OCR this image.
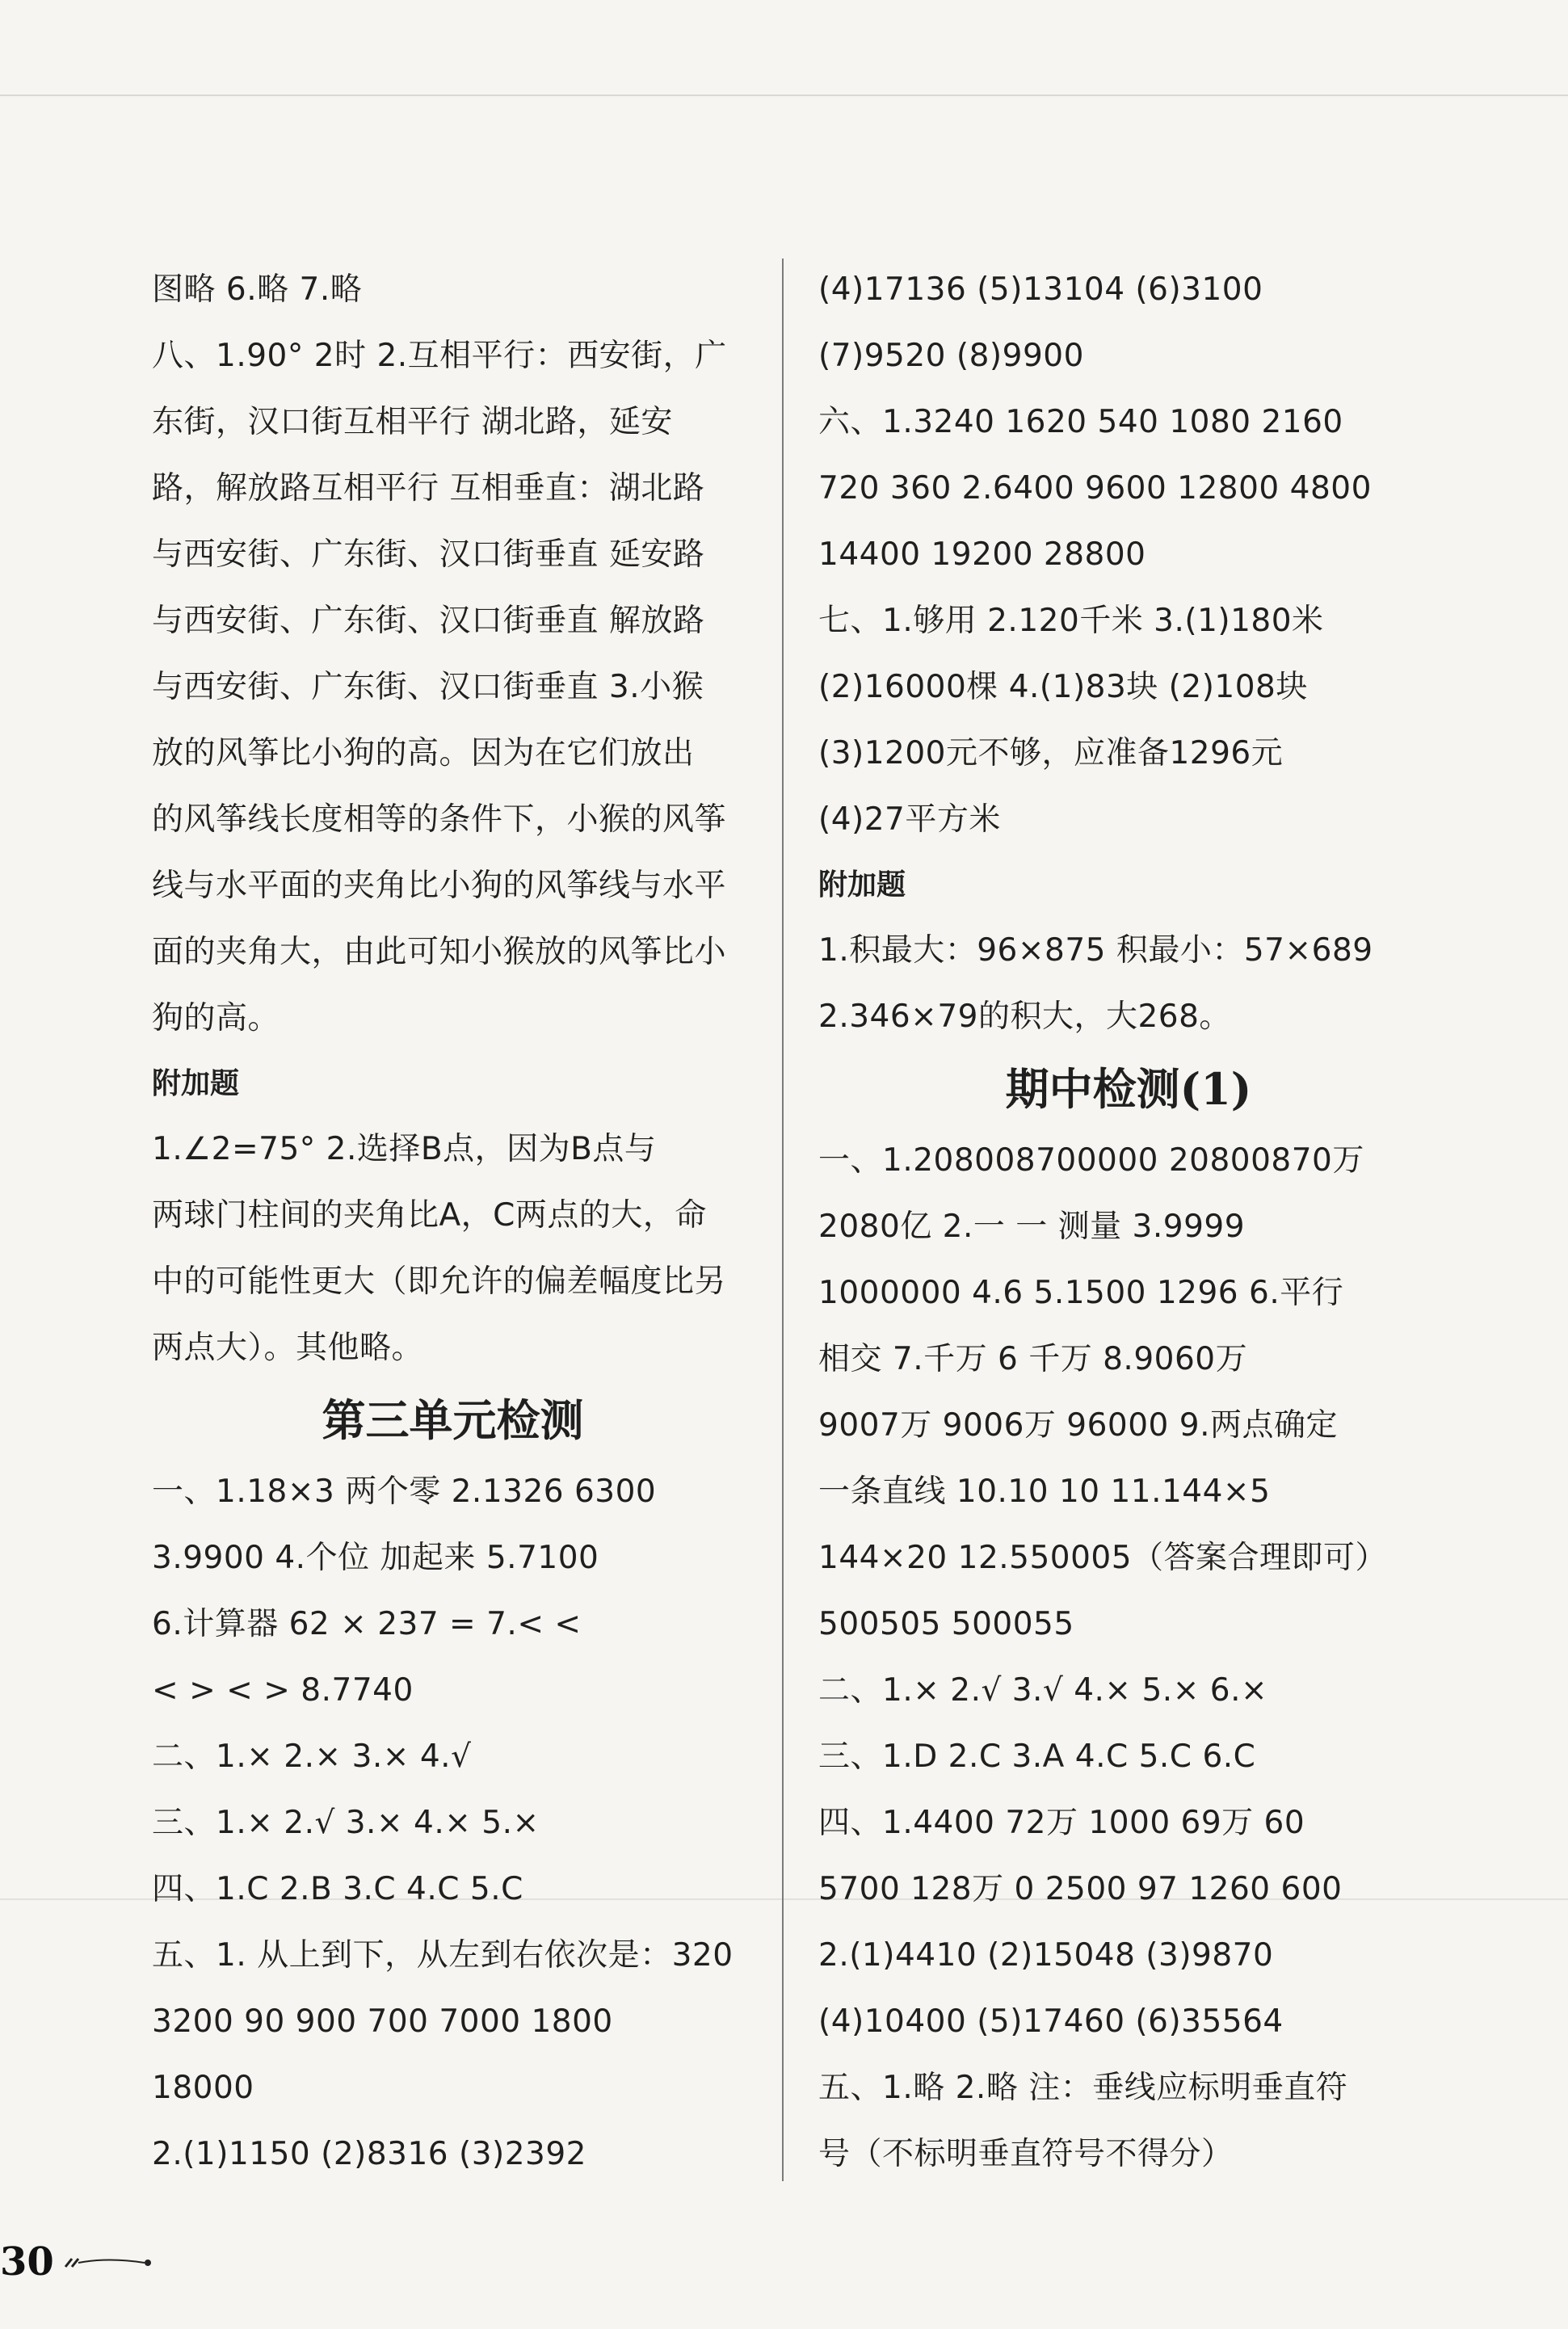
图略 6.略 7.略
八、1.90° 2时 2.互相平行：西安街，广
东街，汉口街互相平行 湖北路，延安
路，解放路互相平行 互相垂直：湖北路
与西安街、广东街、汉口街垂直 延安路
与西安街、广东街、汉口街垂直 解放路
与西安街、广东街、汉口街垂直 3.小猴
放的风筝比小狗的高。因为在它们放出
的风筝线长度相等的条件下，小猴的风筝
线与水平面的夹角比小狗的风筝线与水平
面的夹角大，由此可知小猴放的风筝比小
狗的高。
附加题
1.∠2=75° 2.选择B点，因为B点与
两球门柱间的夹角比A，C两点的大，命
中的可能性更大（即允许的偏差幅度比另
两点大）。其他略。
第三单元检测
一、1.18×3 两个零 2.1326 6300
3.9900 4.个位 加起来 5.7100
6.计算器 62 × 237 = 7.< <
< > < > 8.7740
二、1.× 2.× 3.× 4.√
三、1.× 2.√ 3.× 4.× 5.×
四、1.C 2.B 3.C 4.C 5.C
五、1. 从上到下，从左到右依次是：320
3200 90 900 700 7000 1800
18000
2.(1)1150 (2)8316 (3)2392
(4)17136 (5)13104 (6)3100
(7)9520 (8)9900
六、1.3240 1620 540 1080 2160
720 360 2.6400 9600 12800 4800
14400 19200 28800
七、1.够用 2.120千米 3.(1)180米
(2)16000棵 4.(1)83块 (2)108块
(3)1200元不够，应准备1296元
(4)27平方米
附加题
1.积最大：96×875 积最小：57×689
2.346×79的积大，大268。
期中检测(1)
一、1.208008700000 20800870万
2080亿 2.一 一 测量 3.9999
1000000 4.6 5.1500 1296 6.平行
相交 7.千万 6 千万 8.9060万
9007万 9006万 96000 9.两点确定
一条直线 10.10 10 11.144×5
144×20 12.550005（答案合理即可）
500505 500055
二、1.× 2.√ 3.√ 4.× 5.× 6.×
三、1.D 2.C 3.A 4.C 5.C 6.C
四、1.4400 72万 1000 69万 60
5700 128万 0 2500 97 1260 600
2.(1)4410 (2)15048 (3)9870
(4)10400 (5)17460 (6)35564
五、1.略 2.略 注：垂线应标明垂直符
号（不标明垂直符号不得分）
30
